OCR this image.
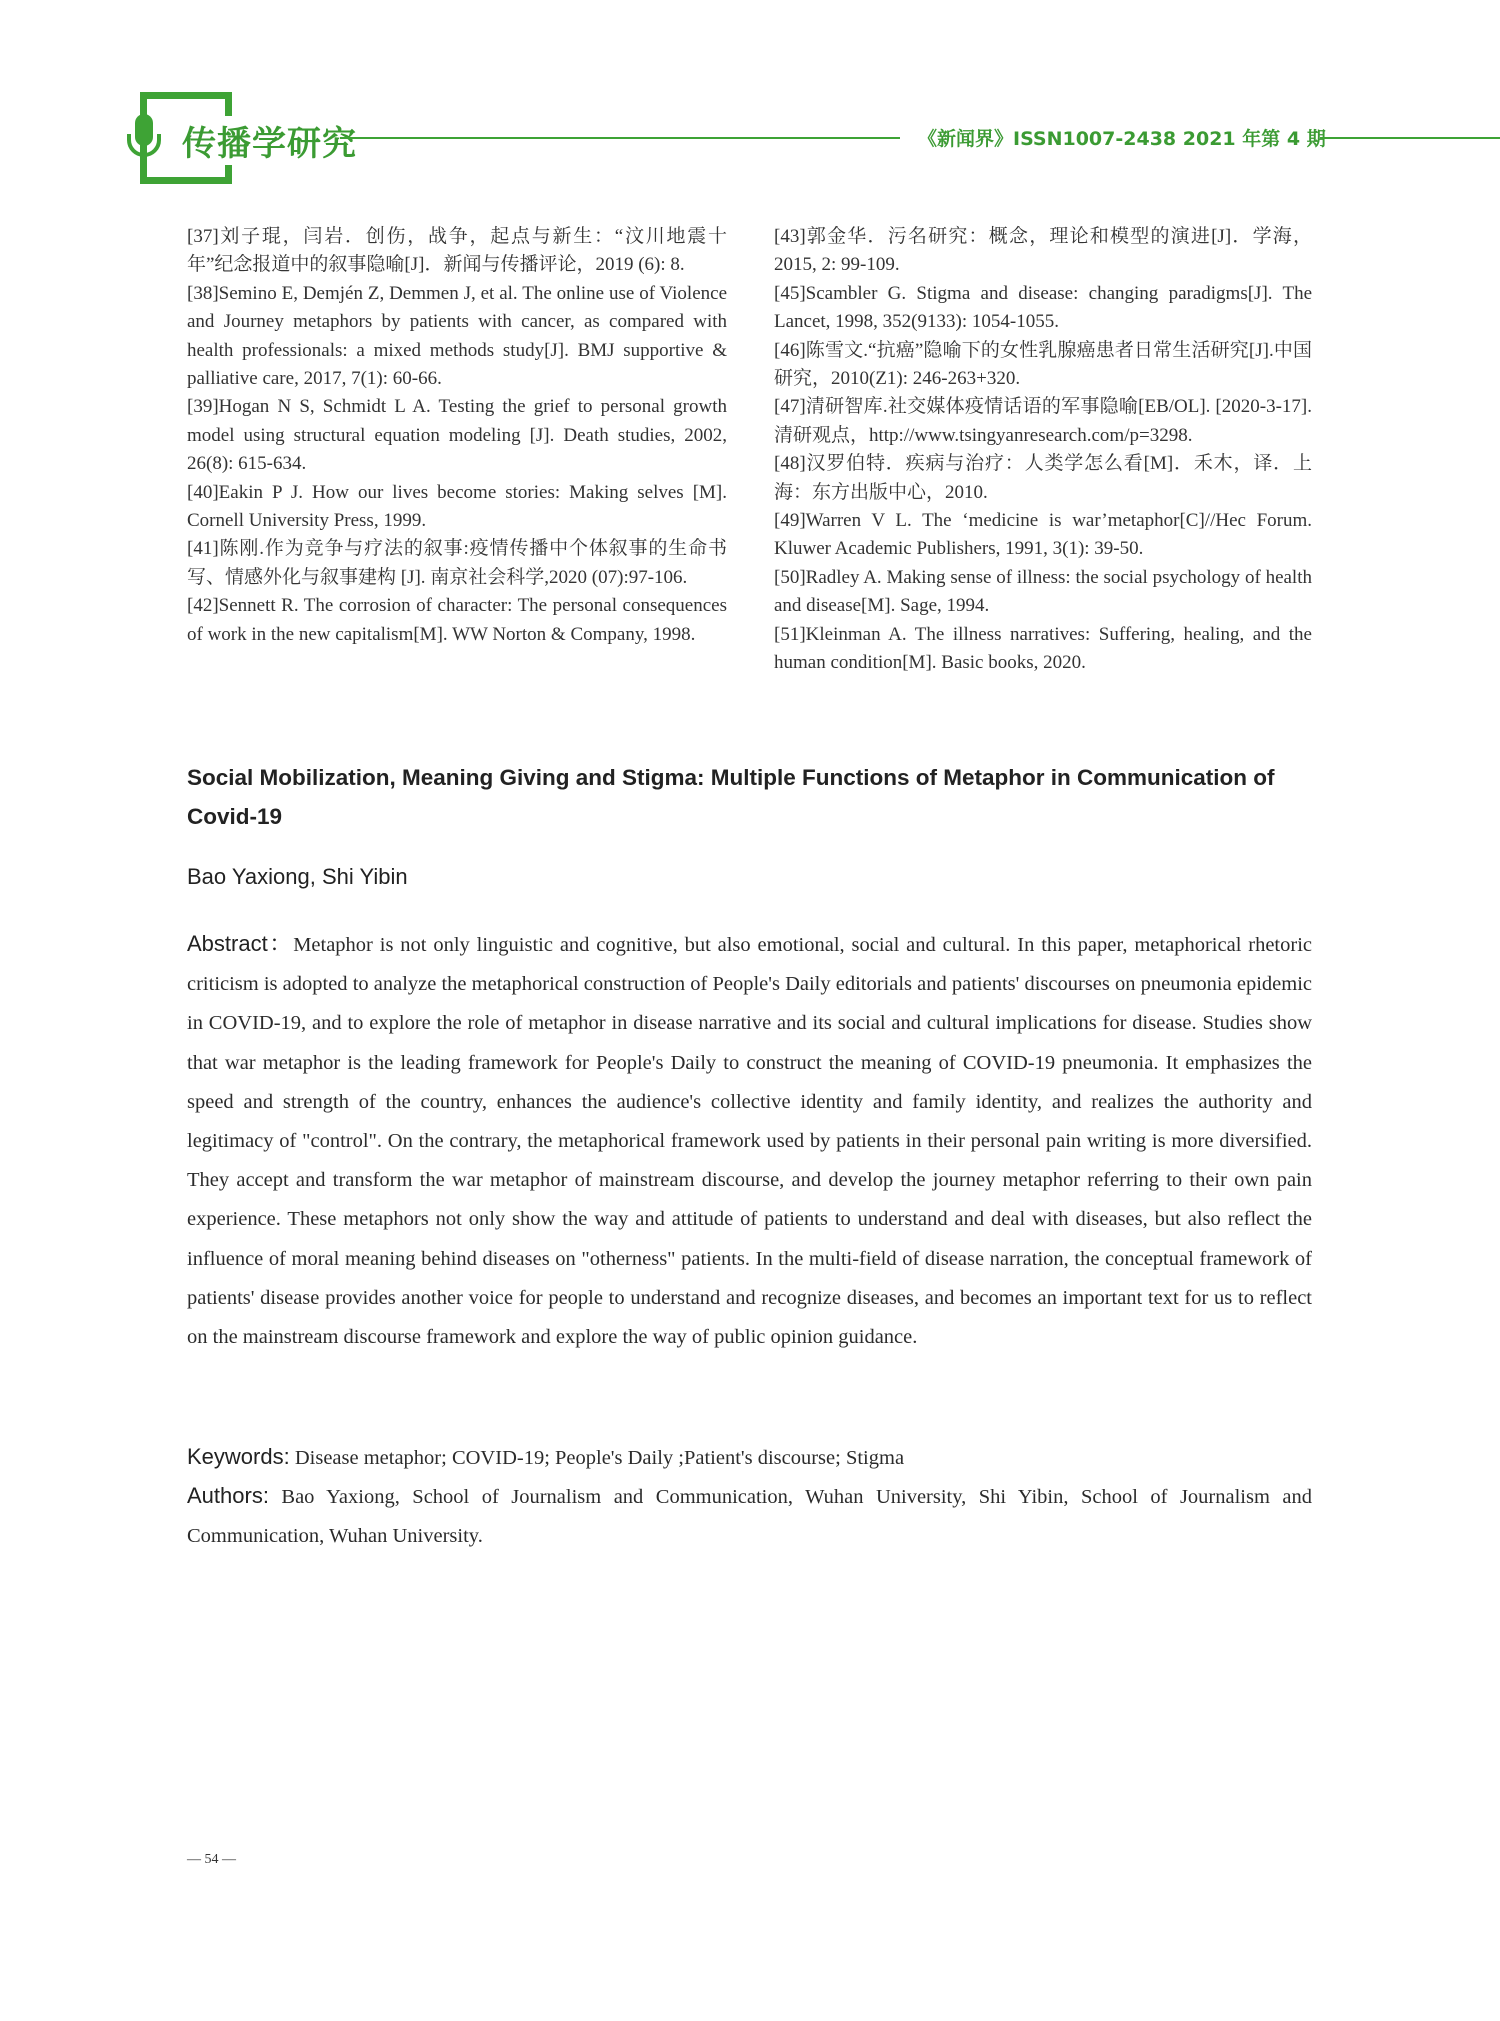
传播学研究	《新闻界》ISSN1007-2438 2021 年第 4 期

[37]刘子琨，闫岩．创伤，战争，起点与新生：“汶川地震十年”纪念报道中的叙事隐喻[J]．新闻与传播评论，2019 (6): 8.

[38]Semino E, Demjén Z, Demmen J, et al. The online use of Violence and Journey metaphors by patients with cancer, as compared with health professionals: a mixed methods study[J]. BMJ supportive & palliative care, 2017, 7(1): 60-66.

[39]Hogan N S, Schmidt L A. Testing the grief to personal growth model using structural equation modeling [J]. Death studies, 2002, 26(8): 615-634.

[40]Eakin P J. How our lives become stories: Making selves [M]. Cornell University Press, 1999.

[41]陈刚.作为竞争与疗法的叙事:疫情传播中个体叙事的生命书写、情感外化与叙事建构 [J]. 南京社会科学,2020 (07):97-106.

[42]Sennett R. The corrosion of character: The personal consequences of work in the new capitalism[M]. WW Norton & Company, 1998.

[43]郭金华．污名研究：概念，理论和模型的演进[J]．学海，2015, 2: 99-109.

[45]Scambler G. Stigma and disease: changing paradigms[J]. The Lancet, 1998, 352(9133): 1054-1055.

[46]陈雪文.“抗癌”隐喻下的女性乳腺癌患者日常生活研究[J].中国研究，2010(Z1): 246-263+320.

[47]清研智库.社交媒体疫情话语的军事隐喻[EB/OL]. [2020-3-17].清研观点，http://www.tsingyanresearch.com/p=3298.

[48]汉罗伯特．疾病与治疗：人类学怎么看[M]．禾木，译．上海：东方出版中心，2010.

[49]Warren V L. The ‘medicine is war’metaphor[C]//Hec Forum. Kluwer Academic Publishers, 1991, 3(1): 39-50.

[50]Radley A. Making sense of illness: the social psychology of health and disease[M]. Sage, 1994.

[51]Kleinman A. The illness narratives: Suffering, healing, and the human condition[M]. Basic books, 2020.

Social Mobilization, Meaning Giving and Stigma: Multiple Functions of Metaphor in Communication of Covid-19
Bao Yaxiong, Shi Yibin
Abstract：Metaphor is not only linguistic and cognitive, but also emotional, social and cultural. In this paper, metaphorical rhetoric criticism is adopted to analyze the metaphorical construction of People's Daily editorials and patients' discourses on pneumonia epidemic in COVID-19, and to explore the role of metaphor in disease narrative and its social and cultural implications for disease. Studies show that war metaphor is the leading framework for People's Daily to construct the meaning of COVID-19 pneumonia. It emphasizes the speed and strength of the country, enhances the audience's collective identity and family identity, and realizes the authority and legitimacy of "control". On the contrary, the metaphorical framework used by patients in their personal pain writing is more diversified. They accept and transform the war metaphor of mainstream discourse, and develop the journey metaphor referring to their own pain experience. These metaphors not only show the way and attitude of patients to understand and deal with diseases, but also reflect the influence of moral meaning behind diseases on "otherness" patients. In the multi-field of disease narration, the conceptual framework of patients' disease provides another voice for people to understand and recognize diseases, and becomes an important text for us to reflect on the mainstream discourse framework and explore the way of public opinion guidance.
Keywords: Disease metaphor; COVID-19; People's Daily ;Patient's discourse; Stigma
Authors: Bao Yaxiong, School of Journalism and Communication, Wuhan University, Shi Yibin, School of Journalism and Communication, Wuhan University.
— 54 —
